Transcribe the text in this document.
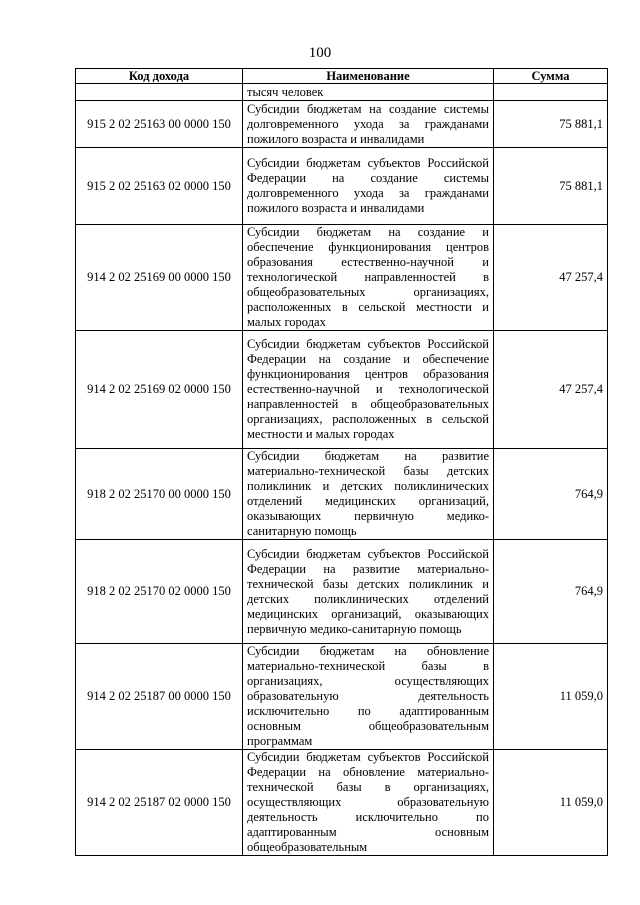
100
Код дохода	Наименование	Сумма
	тысяч человек	
915 2 02 25163 00 0000 150	Субсидии бюджетам на создание системы долговременного ухода за гражданами пожилого возраста и инвалидами	75 881,1
915 2 02 25163 02 0000 150	Субсидии бюджетам субъектов Российской Федерации на создание системы долговременного ухода за гражданами пожилого возраста и инвалидами	75 881,1
914 2 02 25169 00 0000 150	Субсидии бюджетам на создание и обеспечение функционирования центров образования естественно-научной и технологической направленностей в общеобразовательных организациях, расположенных в сельской местности и малых городах	47 257,4
914 2 02 25169 02 0000 150	Субсидии бюджетам субъектов Российской Федерации на создание и обеспечение функционирования центров образования естественно-научной и технологической направленностей в общеобразовательных организациях, расположенных в сельской местности и малых городах	47 257,4
918 2 02 25170 00 0000 150	Субсидии бюджетам на развитие материально-технической базы детских поликлиник и детских поликлинических отделений медицинских организаций, оказывающих первичную медико-санитарную помощь	764,9
918 2 02 25170 02 0000 150	Субсидии бюджетам субъектов Российской Федерации на развитие материально-технической базы детских поликлиник и детских поликлинических отделений медицинских организаций, оказывающих первичную медико-санитарную помощь	764,9
914 2 02 25187 00 0000 150	Субсидии бюджетам на обновление материально-технической базы в организациях, осуществляющих образовательную деятельность исключительно по адаптированным основным общеобразовательным программам	11 059,0
914 2 02 25187 02 0000 150	Субсидии бюджетам субъектов Российской Федерации на обновление материально-технической базы в организациях, осуществляющих образовательную деятельность исключительно по адаптированным основным общеобразовательным	11 059,0
